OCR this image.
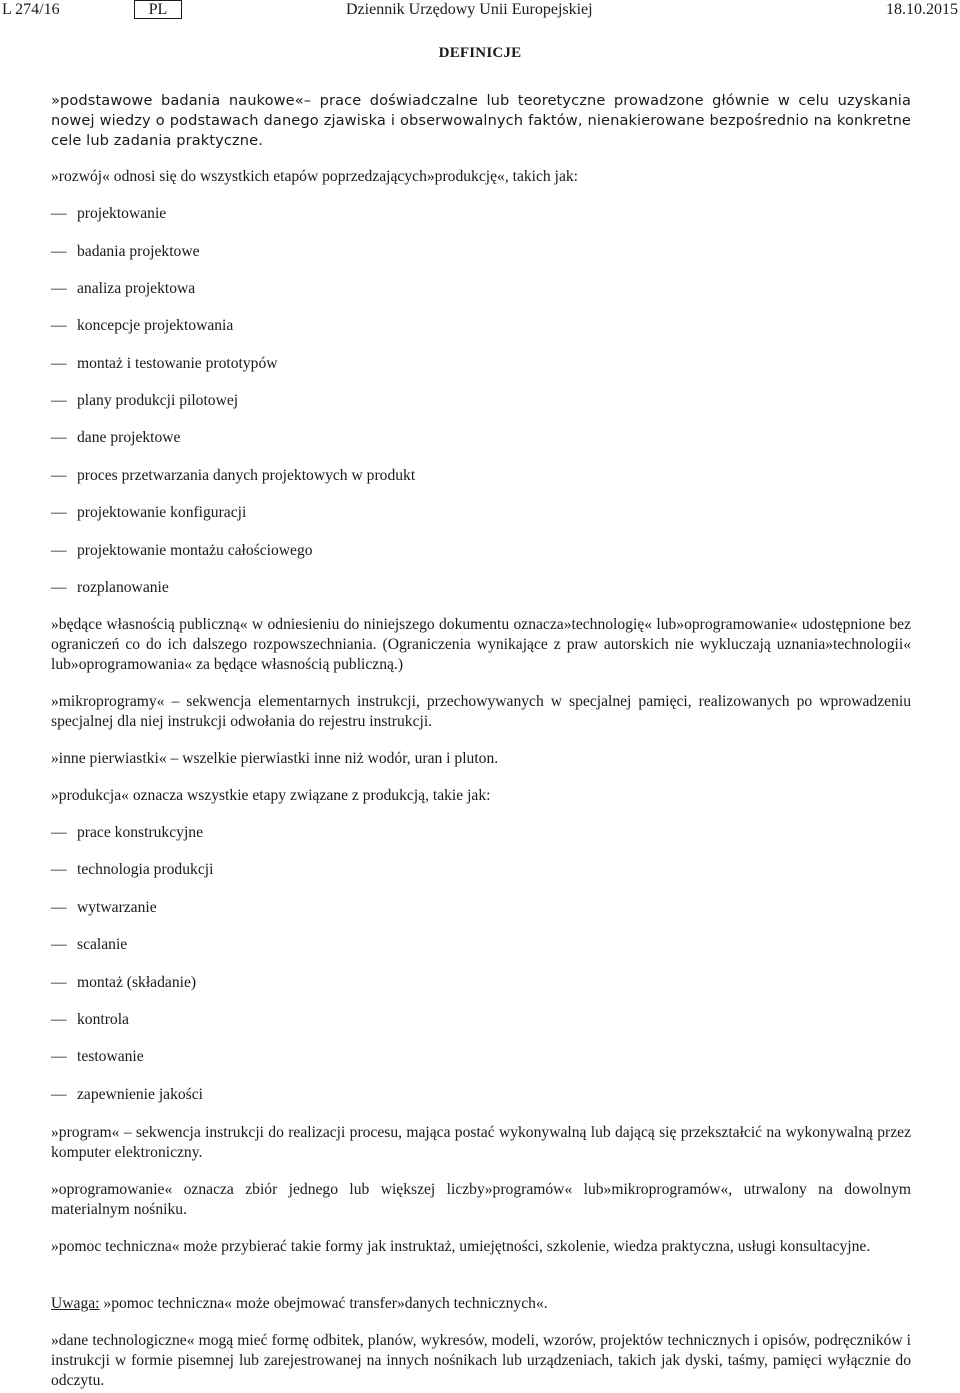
L 274/16	PL	Dziennik Urzędowy Unii Europejskiej	18.10.2015
DEFINICJE

»podstawowe badania naukowe«– prace doświadczalne lub teoretyczne prowadzone głównie w celu uzyskania nowej wiedzy o podstawach danego zjawiska i obserwowalnych faktów, nienakierowane bezpośrednio na konkretne cele lub zadania praktyczne.

»rozwój« odnosi się do wszystkich etapów poprzedzających»produkcję«, takich jak:

— projektowanie
— badania projektowe
— analiza projektowa
— koncepcje projektowania
— montaż i testowanie prototypów
— plany produkcji pilotowej
— dane projektowe
— proces przetwarzania danych projektowych w produkt
— projektowanie konfiguracji
— projektowanie montażu całościowego
— rozplanowanie

»będące własnością publiczną« w odniesieniu do niniejszego dokumentu oznacza»technologię« lub»oprogramowanie« udostępnione bez ograniczeń co do ich dalszego rozpowszechniania. (Ograniczenia wynikające z praw autorskich nie wykluczają uznania»technologii« lub»oprogramowania« za będące własnością publiczną.)

»mikroprogramy« – sekwencja elementarnych instrukcji, przechowywanych w specjalnej pamięci, realizowanych po wprowadzeniu specjalnej dla niej instrukcji odwołania do rejestru instrukcji.

»inne pierwiastki« – wszelkie pierwiastki inne niż wodór, uran i pluton.

»produkcja« oznacza wszystkie etapy związane z produkcją, takie jak:

— prace konstrukcyjne
— technologia produkcji
— wytwarzanie
— scalanie
— montaż (składanie)
— kontrola
— testowanie
— zapewnienie jakości

»program« – sekwencja instrukcji do realizacji procesu, mająca postać wykonywalną lub dającą się przekształcić na wykonywalną przez komputer elektroniczny.

»oprogramowanie« oznacza zbiór jednego lub większej liczby»programów« lub»mikroprogramów«, utrwalony na dowolnym materialnym nośniku.

»pomoc techniczna« może przybierać takie formy jak instruktaż, umiejętności, szkolenie, wiedza praktyczna, usługi konsultacyjne.

Uwaga: »pomoc techniczna« może obejmować transfer»danych technicznych«.

»dane technologiczne« mogą mieć formę odbitek, planów, wykresów, modeli, wzorów, projektów technicznych i opisów, podręczników i instrukcji w formie pisemnej lub zarejestrowanej na innych nośnikach lub urządzeniach, takich jak dyski, taśmy, pamięci wyłącznie do odczytu.
